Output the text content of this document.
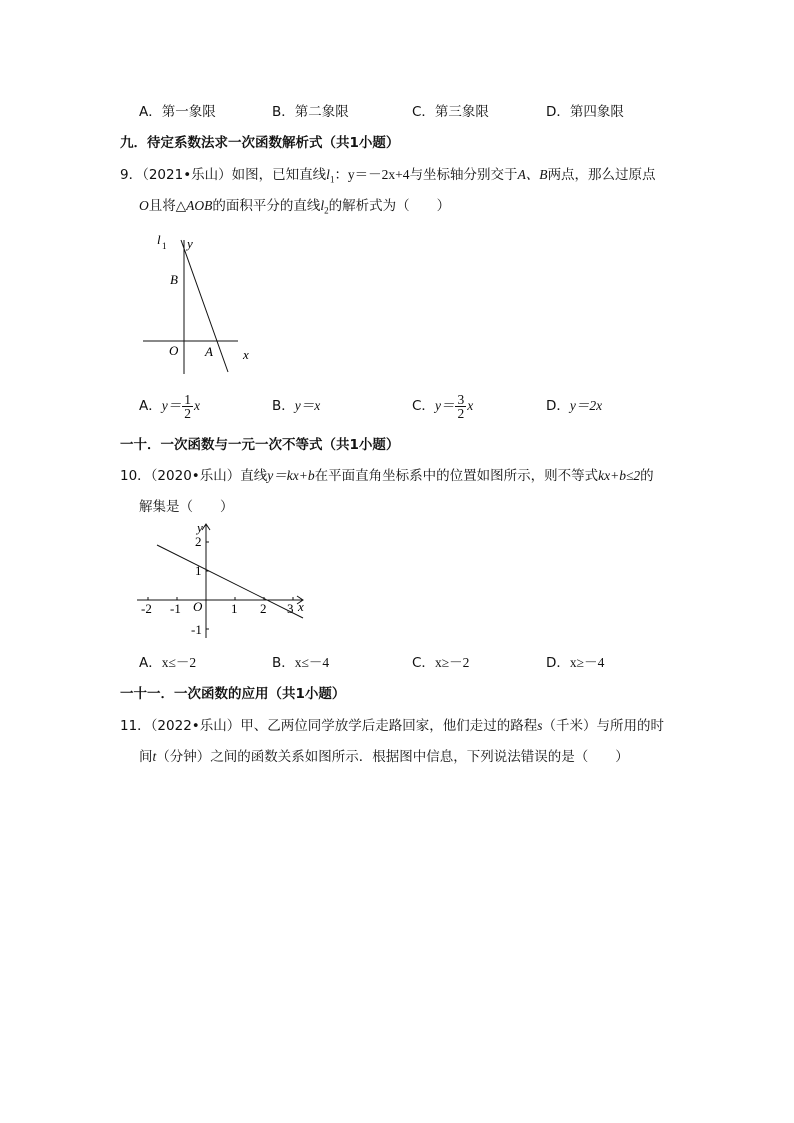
A．第一象限	B．第二象限	C．第三象限	D．第四象限
九．待定系数法求一次函数解析式（共1小题）
9．（2021•乐山）如图，已知直线$l_1$：y＝－2x+4与坐标轴分别交于A、B两点，那么过原点
O且将△AOB的面积平分的直线$l_2$的解析式为（　　）
l 1 y
B
O A x
A．$y= \frac{1}{2}$ x	B．y＝x	C．$y= \frac{3}{2}$ x	D．y＝2x
一十．一次函数与一元一次不等式（共1小题）
10．（2020•乐山）直线y＝kx+b在平面直角坐标系中的位置如图所示，则不等式kx+b≤2的
解集是（　　）
y
x
O
-2 -1	1 2 3
2
1
-1
A．x≤－2	B．x≤－4	C．x≥－2	D．x≥－4
一十一．一次函数的应用（共1小题）
11．（2022•乐山）甲、乙两位同学放学后走路回家，他们走过的路程s（千米）与所用的时
间t（分钟）之间的函数关系如图所示．根据图中信息，下列说法错误的是（　　）
